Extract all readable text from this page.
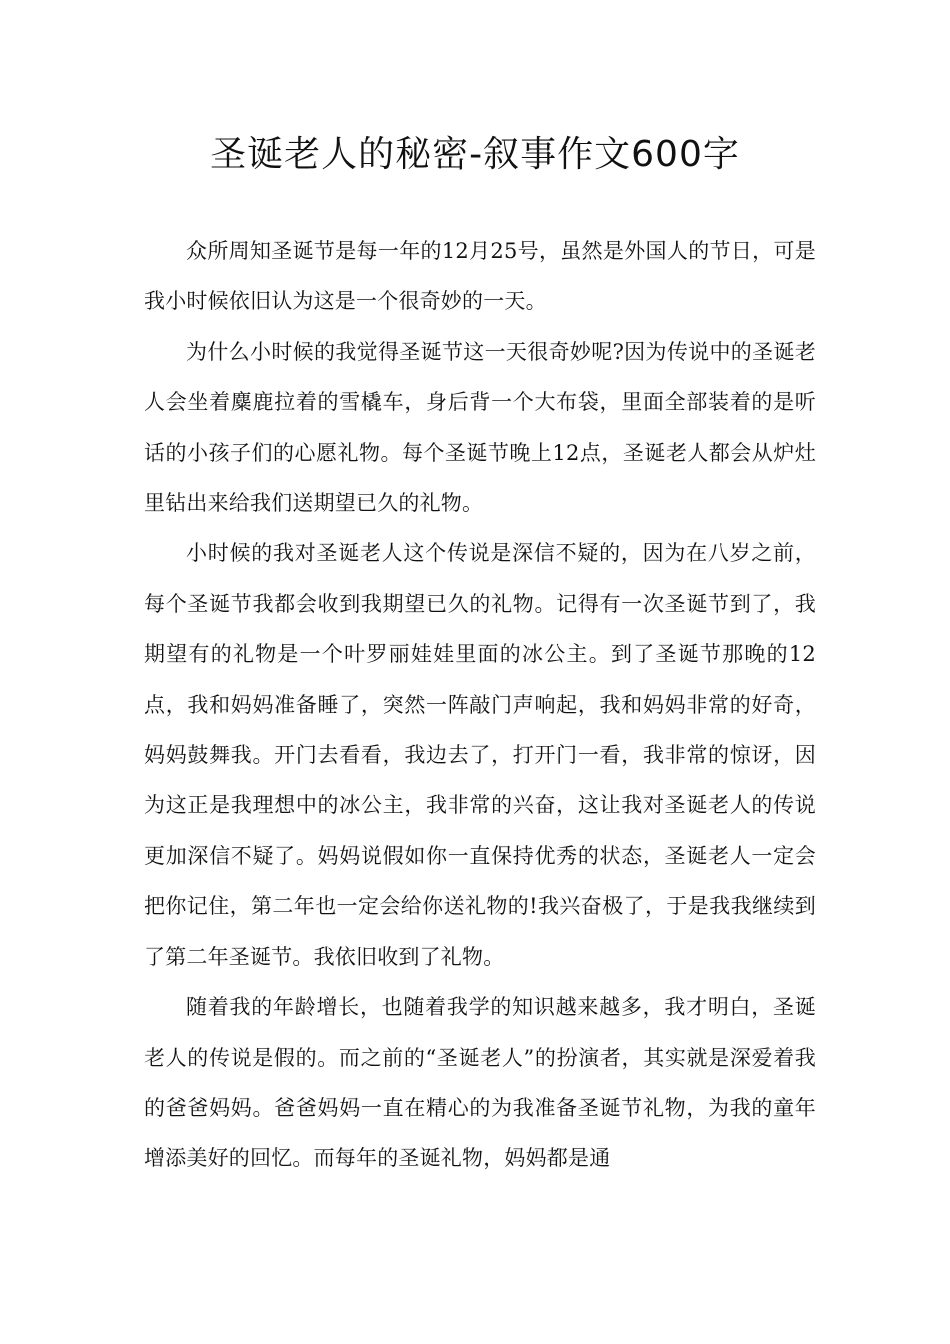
圣诞老人的秘密-叙事作文600字

众所周知圣诞节是每一年的12月25号，虽然是外国人的节日，可是我小时候依旧认为这是一个很奇妙的一天。

为什么小时候的我觉得圣诞节这一天很奇妙呢?因为传说中的圣诞老人会坐着麋鹿拉着的雪橇车，身后背一个大布袋，里面全部装着的是听话的小孩子们的心愿礼物。每个圣诞节晚上12点，圣诞老人都会从炉灶里钻出来给我们送期望已久的礼物。

小时候的我对圣诞老人这个传说是深信不疑的，因为在八岁之前，每个圣诞节我都会收到我期望已久的礼物。记得有一次圣诞节到了，我期望有的礼物是一个叶罗丽娃娃里面的冰公主。到了圣诞节那晚的12点，我和妈妈准备睡了，突然一阵敲门声响起，我和妈妈非常的好奇，妈妈鼓舞我。开门去看看，我边去了，打开门一看，我非常的惊讶，因为这正是我理想中的冰公主，我非常的兴奋，这让我对圣诞老人的传说更加深信不疑了。妈妈说假如你一直保持优秀的状态，圣诞老人一定会把你记住，第二年也一定会给你送礼物的!我兴奋极了，于是我我继续到了第二年圣诞节。我依旧收到了礼物。

随着我的年龄增长，也随着我学的知识越来越多，我才明白，圣诞老人的传说是假的。而之前的“圣诞老人”的扮演者，其实就是深爱着我的爸爸妈妈。爸爸妈妈一直在精心的为我准备圣诞节礼物，为我的童年增添美好的回忆。而每年的圣诞礼物，妈妈都是通
